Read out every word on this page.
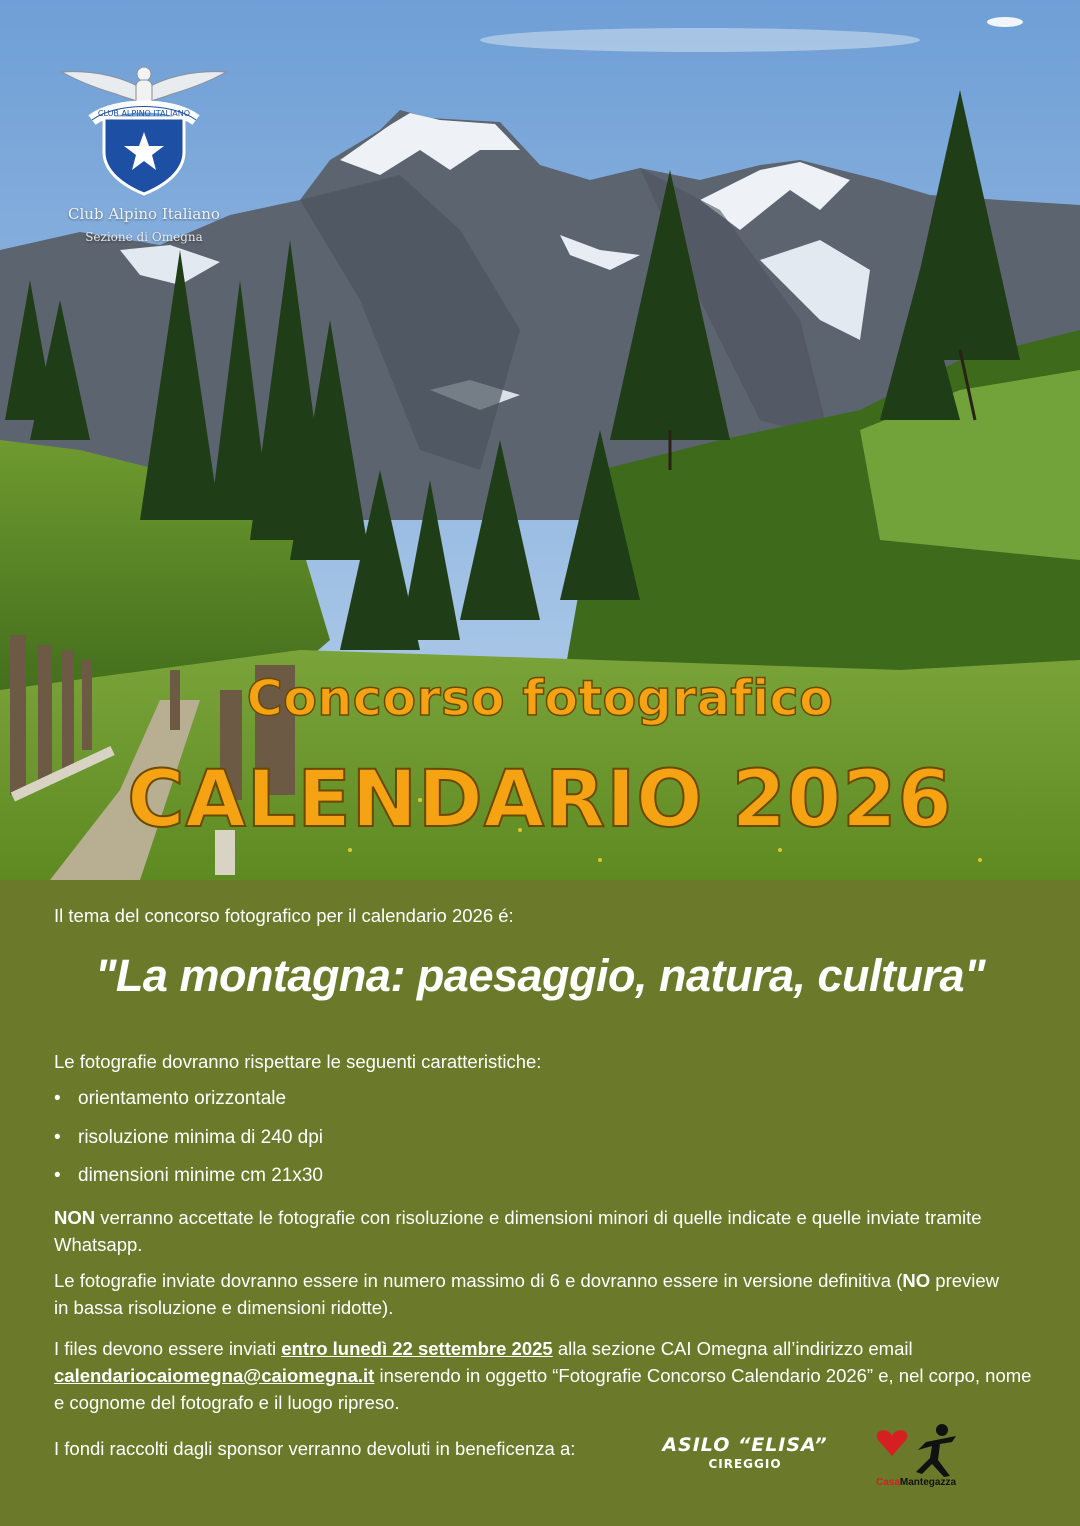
CLUB ALPINO ITALIANO
Club Alpino Italiano
Sezione di Omegna
Concorso fotografico
CALENDARIO 2026
Il tema del concorso fotografico per il calendario 2026 é:
"La montagna: paesaggio, natura, cultura"
Le fotografie dovranno rispettare le seguenti caratteristiche:
• orientamento orizzontale
• risoluzione minima di 240 dpi
• dimensioni minime cm 21x30
NON verranno accettate le fotografie con risoluzione e dimensioni minori di quelle indicate e quelle inviate tramite Whatsapp.
Le fotografie inviate dovranno essere in numero massimo di 6 e dovranno essere in versione definitiva (NO preview in bassa risoluzione e dimensioni ridotte).
I files devono essere inviati entro lunedì 22 settembre 2025 alla sezione CAI Omegna all’indirizzo email calendariocaiomegna@caiomegna.it inserendo in oggetto “Fotografie Concorso Calendario 2026” e, nel corpo, nome e cognome del fotografo e il luogo ripreso.
I fondi raccolti dagli sponsor verranno devoluti in beneficenza a:	ASILO “ELISA”
CIREGGIO
CasaMantegazza
